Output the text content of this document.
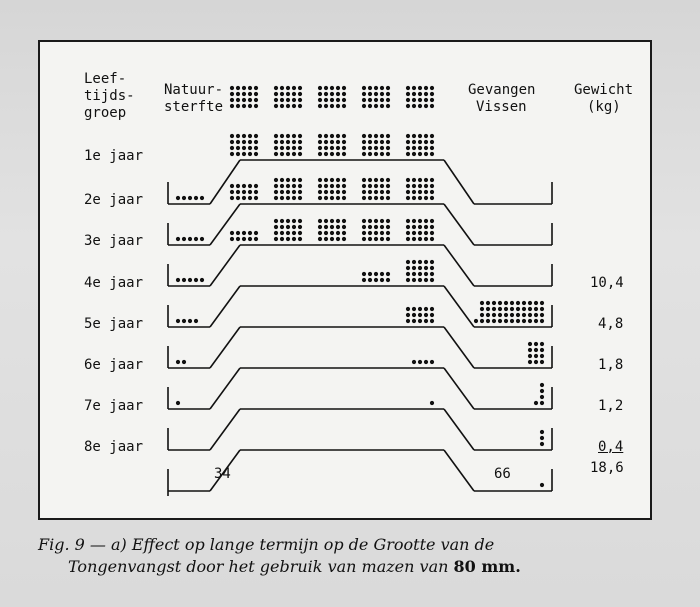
Leef-
tijds-
groep
Natuur-
sterfte
Gevangen
Vissen
Gewicht
(kg)
1e jaar
2e jaar
3e jaar
4e jaar
5e jaar
6e jaar
7e jaar
8e jaar
10,4
4,8
1,8
1,2
0,4
34	66	18,6
Fig. 9 — a) Effect op lange termijn op de Grootte van de
Tongenvangst door het gebruik van mazen van 80 mm.
